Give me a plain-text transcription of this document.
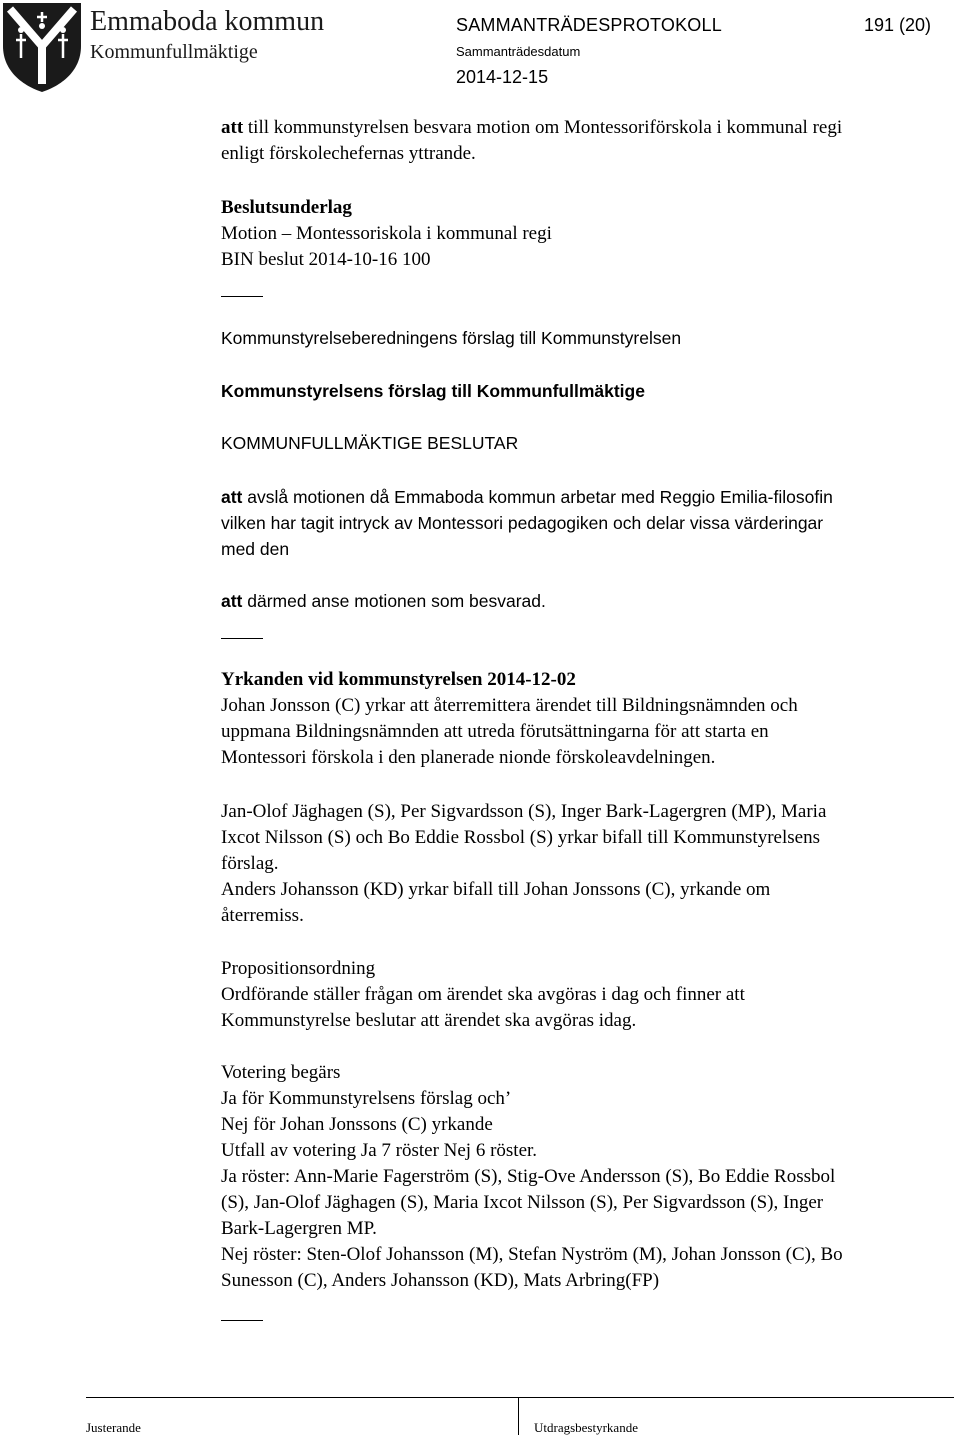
Emmaboda kommun
Kommunfullmäktige
SAMMANTRÄDESPROTOKOLL	191 (20)
Sammanträdesdatum
2014-12-15
att till kommunstyrelsen besvara motion om Montessoriförskola i kommunal regi
enligt förskolechefernas yttrande.
Beslutsunderlag
Motion – Montessoriskola i kommunal regi
BIN beslut 2014-10-16 100
Kommunstyrelseberedningens förslag till Kommunstyrelsen
Kommunstyrelsens förslag till Kommunfullmäktige
KOMMUNFULLMÄKTIGE BESLUTAR
att avslå motionen då Emmaboda kommun arbetar med Reggio Emilia-filosofin
vilken har tagit intryck av Montessori pedagogiken och delar vissa värderingar
med den
att därmed anse motionen som besvarad.
Yrkanden vid kommunstyrelsen 2014-12-02
Johan Jonsson (C) yrkar att återremittera ärendet till Bildningsnämnden och
uppmana Bildningsnämnden att utreda förutsättningarna för att starta en
Montessori förskola i den planerade nionde förskoleavdelningen.
Jan-Olof Jäghagen (S), Per Sigvardsson (S), Inger Bark-Lagergren (MP), Maria
Ixcot Nilsson (S) och Bo Eddie Rossbol (S) yrkar bifall till Kommunstyrelsens
förslag.
Anders Johansson (KD) yrkar bifall till Johan Jonssons (C), yrkande om
återremiss.
Propositionsordning
Ordförande ställer frågan om ärendet ska avgöras i dag och finner att
Kommunstyrelse beslutar att ärendet ska avgöras idag.
Votering begärs
Ja för Kommunstyrelsens förslag och’
Nej för Johan Jonssons (C) yrkande
Utfall av votering Ja 7 röster Nej 6 röster.
Ja röster: Ann-Marie Fagerström (S), Stig-Ove Andersson (S), Bo Eddie Rossbol
(S), Jan-Olof Jäghagen (S), Maria Ixcot Nilsson (S), Per Sigvardsson (S), Inger
Bark-Lagergren MP.
Nej röster: Sten-Olof Johansson (M), Stefan Nyström (M), Johan Jonsson (C), Bo
Sunesson (C), Anders Johansson (KD), Mats Arbring(FP)
Justerande	Utdragsbestyrkande
